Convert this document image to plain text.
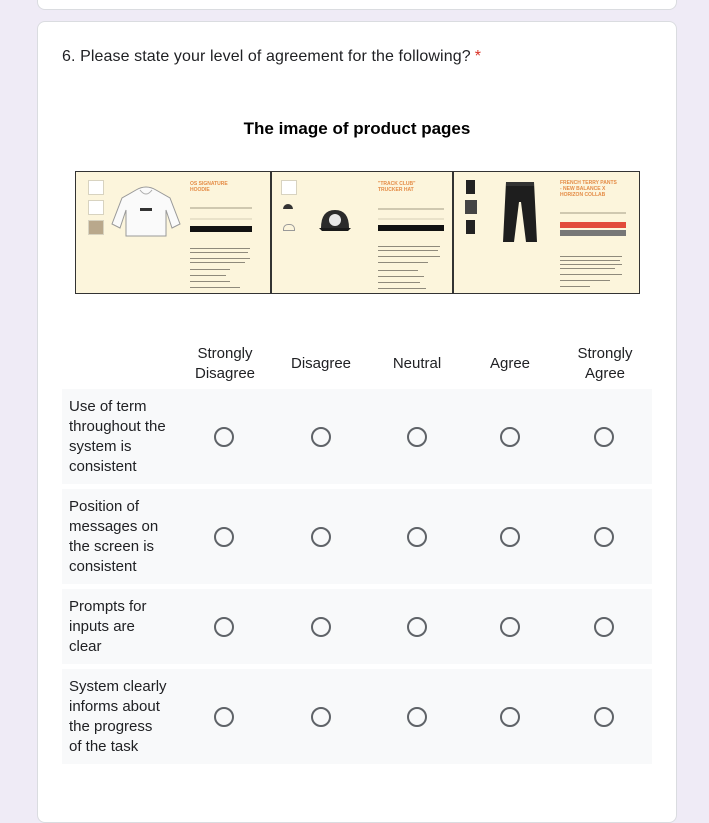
6. Please state your level of agreement for the following? *
The image of product pages
OS SIGNATURE
HOODIE
"TRACK CLUB"
TRUCKER HAT
FRENCH TERRY PANTS
- NEW BALANCE X
HORIZON COLLAB
Strongly
Disagree
Disagree	Neutral	Agree
Strongly
Agree
Use of term throughout the system is consistent
Position of messages on the screen is consistent
Prompts for inputs are clear
System clearly informs about the progress of the task
